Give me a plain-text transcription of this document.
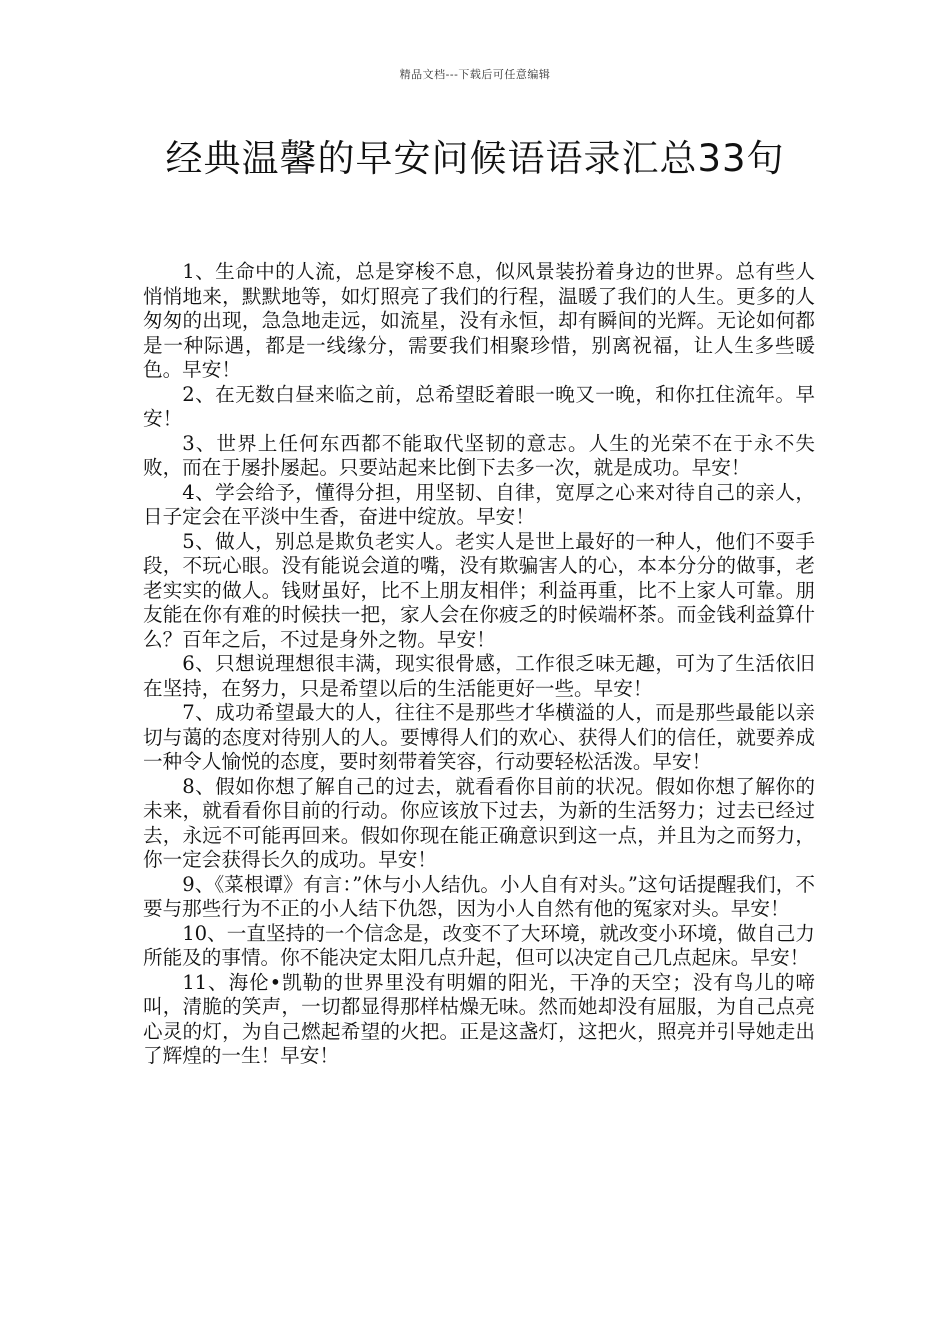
精品文档---下载后可任意编辑
经典温馨的早安问候语语录汇总33句

1、生命中的人流，总是穿梭不息，似风景装扮着身边的世界。总有些人悄悄地来，默默地等，如灯照亮了我们的行程，温暖了我们的人生。更多的人匆匆的出现，急急地走远，如流星，没有永恒，却有瞬间的光辉。无论如何都是一种际遇，都是一线缘分，需要我们相聚珍惜，别离祝福，让人生多些暖色。早安！

2、在无数白昼来临之前，总希望眨着眼一晚又一晚，和你扛住流年。早安！

3、世界上任何东西都不能取代坚韧的意志。人生的光荣不在于永不失败，而在于屡扑屡起。只要站起来比倒下去多一次，就是成功。早安！

4、学会给予，懂得分担，用坚韧、自律，宽厚之心来对待自己的亲人，日子定会在平淡中生香，奋进中绽放。早安！

5、做人，别总是欺负老实人。老实人是世上最好的一种人，他们不耍手段，不玩心眼。没有能说会道的嘴，没有欺骗害人的心，本本分分的做事，老老实实的做人。钱财虽好，比不上朋友相伴；利益再重，比不上家人可靠。朋友能在你有难的时候扶一把，家人会在你疲乏的时候端杯茶。而金钱利益算什么？百年之后，不过是身外之物。早安！

6、只想说理想很丰满，现实很骨感，工作很乏味无趣，可为了生活依旧在坚持，在努力，只是希望以后的生活能更好一些。早安！

7、成功希望最大的人，往往不是那些才华横溢的人，而是那些最能以亲切与蔼的态度对待别人的人。要博得人们的欢心、获得人们的信任，就要养成一种令人愉悦的态度，要时刻带着笑容，行动要轻松活泼。早安！

8、假如你想了解自己的过去，就看看你目前的状况。假如你想了解你的未来，就看看你目前的行动。你应该放下过去，为新的生活努力；过去已经过去，永远不可能再回来。假如你现在能正确意识到这一点，并且为之而努力，你一定会获得长久的成功。早安！

9、《菜根谭》有言：”休与小人结仇。小人自有对头。”这句话提醒我们，不要与那些行为不正的小人结下仇怨，因为小人自然有他的冤家对头。早安！

10、一直坚持的一个信念是，改变不了大环境，就改变小环境，做自己力所能及的事情。你不能决定太阳几点升起，但可以决定自己几点起床。早安！

11、海伦•凯勒的世界里没有明媚的阳光，干净的天空；没有鸟儿的啼叫，清脆的笑声，一切都显得那样枯燥无味。然而她却没有屈服，为自己点亮心灵的灯，为自己燃起希望的火把。正是这盏灯，这把火，照亮并引导她走出了辉煌的一生！早安！
